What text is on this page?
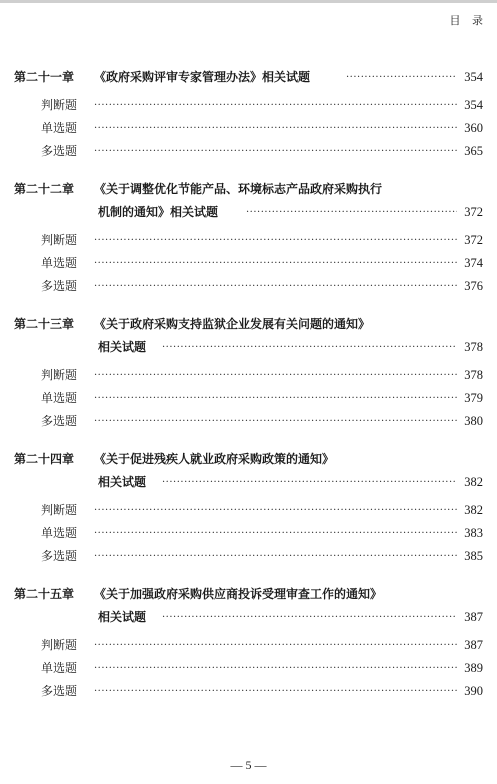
目 录
第二十一章	《政府采购评审专家管理办法》相关试题 ·····	354
判断题 ·····	354
单选题 ·····	360
多选题 ·····	365
第二十二章	《关于调整优化节能产品、环境标志产品政府采购执行
机制的通知》相关试题 ·····	372
判断题 ·····	372
单选题 ·····	374
多选题 ·····	376
第二十三章	《关于政府采购支持监狱企业发展有关问题的通知》
相关试题 ·····	378
判断题 ·····	378
单选题 ·····	379
多选题 ·····	380
第二十四章	《关于促进残疾人就业政府采购政策的通知》
相关试题 ·····	382
判断题 ·····	382
单选题 ·····	383
多选题 ·····	385
第二十五章	《关于加强政府采购供应商投诉受理审查工作的通知》
相关试题 ·····	387
判断题 ·····	387
单选题 ·····	389
多选题 ·····	390
— 5 —
